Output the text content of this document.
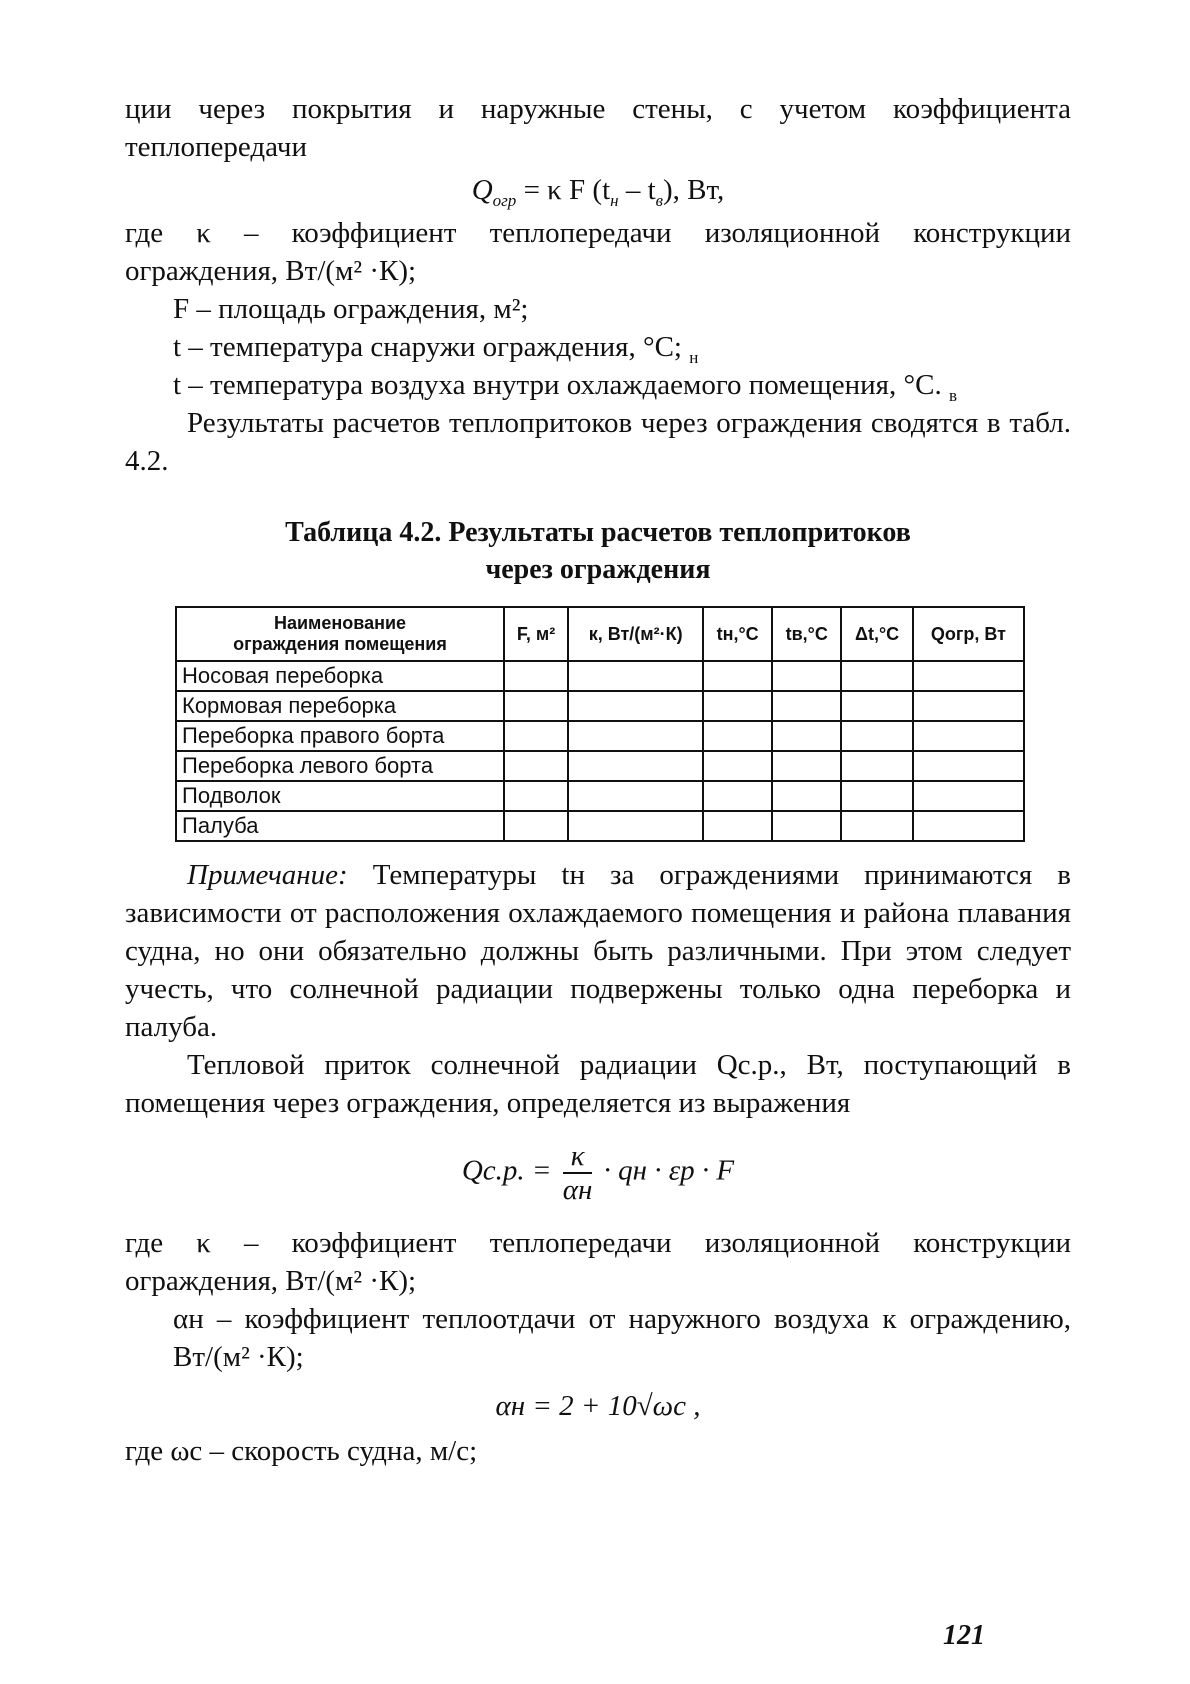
ции через покрытия и наружные стены, с учетом коэффициента теплопередачи

$Q_{огр} = \kappa$ F $(t_н - t_в)$, Вт,

где κ – коэффициент теплопередачи изоляционной конструкции ограждения, Вт/(м² ·К);

F – площадь ограждения, м²;

t – температура снаружи ограждения, °С; $_н$

t – температура воздуха внутри охлаждаемого помещения, °С. $_в$

Результаты расчетов теплопритоков через ограждения сводятся в табл. 4.2.

Таблица 4.2. Результаты расчетов теплопритоков
через ограждения
Наименование
ограждения помещения	F, м²	к, Вт/(м²·К)	tн,°С	tв,°С	Δt,°С	Qогр, Вт
Носовая переборка						
Кормовая переборка						
Переборка правого борта						
Переборка левого борта						
Подволок						
Палуба						

Примечание: Температуры tн за ограждениями принимаются в зависимости от расположения охлаждаемого помещения и района плавания судна, но они обязательно должны быть различными. При этом следует учесть, что солнечной радиации подвержены только одна переборка и палуба.

Тепловой приток солнечной радиации Qс.р., Вт, поступающий в помещения через ограждения, определяется из выражения

Qс.р. = $\frac{\kappa}{\alpha н}$ · qн · εр · F

где κ – коэффициент теплопередачи изоляционной конструкции ограждения, Вт/(м² ·К);

αн – коэффициент теплоотдачи от наружного воздуха к ограждению, Вт/(м² ·К);

αн = 2 + 10√ωс ,

где ωс – скорость судна, м/с;

121
